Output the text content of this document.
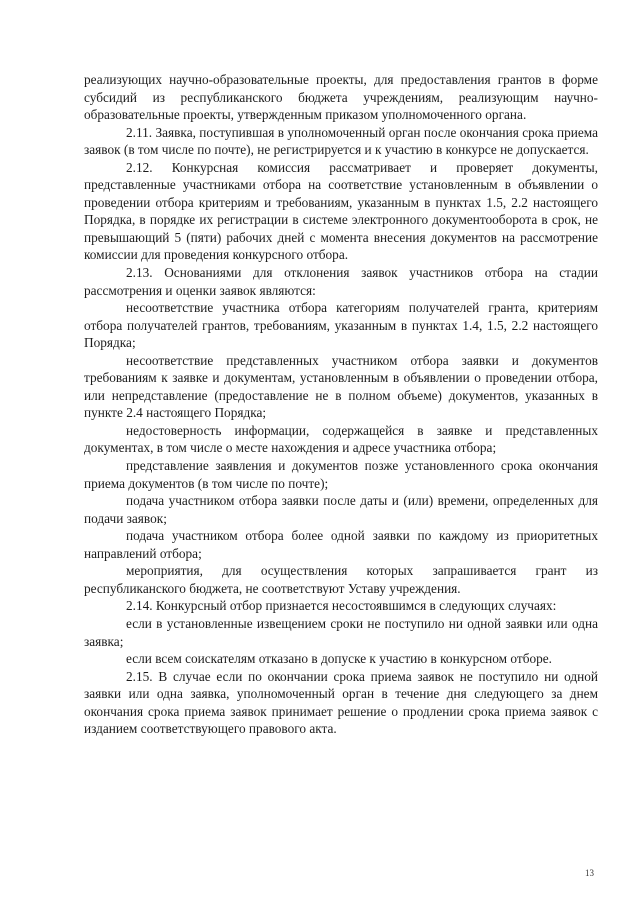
реализующих научно-образовательные проекты, для предоставления грантов в форме субсидий из республиканского бюджета учреждениям, реализующим научно-образовательные проекты, утвержденным приказом уполномоченного органа.

2.11. Заявка, поступившая в уполномоченный орган после окончания срока приема заявок (в том числе по почте), не регистрируется и к участию в конкурсе не допускается.

2.12. Конкурсная комиссия рассматривает и проверяет документы, представленные участниками отбора на соответствие установленным в объявлении о проведении отбора критериям и требованиям, указанным в пунктах 1.5, 2.2 настоящего Порядка, в порядке их регистрации в системе электронного документооборота в срок, не превышающий 5 (пяти) рабочих дней с момента внесения документов на рассмотрение комиссии для проведения конкурсного отбора.

2.13. Основаниями для отклонения заявок участников отбора на стадии рассмотрения и оценки заявок являются:

несоответствие участника отбора категориям получателей гранта, критериям отбора получателей грантов, требованиям, указанным в пунктах 1.4, 1.5, 2.2 настоящего Порядка;

несоответствие представленных участником отбора заявки и документов требованиям к заявке и документам, установленным в объявлении о проведении отбора, или непредставление (предоставление не в полном объеме) документов, указанных в пункте 2.4 настоящего Порядка;

недостоверность информации, содержащейся в заявке и представленных документах, в том числе о месте нахождения и адресе участника отбора;

представление заявления и документов позже установленного срока окончания приема документов (в том числе по почте);

подача участником отбора заявки после даты и (или) времени, определенных для подачи заявок;

подача участником отбора более одной заявки по каждому из приоритетных направлений отбора;

мероприятия, для осуществления которых запрашивается грант из республиканского бюджета, не соответствуют Уставу учреждения.

2.14. Конкурсный отбор признается несостоявшимся в следующих случаях:

если в установленные извещением сроки не поступило ни одной заявки или одна заявка;

если всем соискателям отказано в допуске к участию в конкурсном отборе.

2.15. В случае если по окончании срока приема заявок не поступило ни одной заявки или одна заявка, уполномоченный орган в течение дня следующего за днем окончания срока приема заявок принимает решение о продлении срока приема заявок с изданием соответствующего правового акта.

13
